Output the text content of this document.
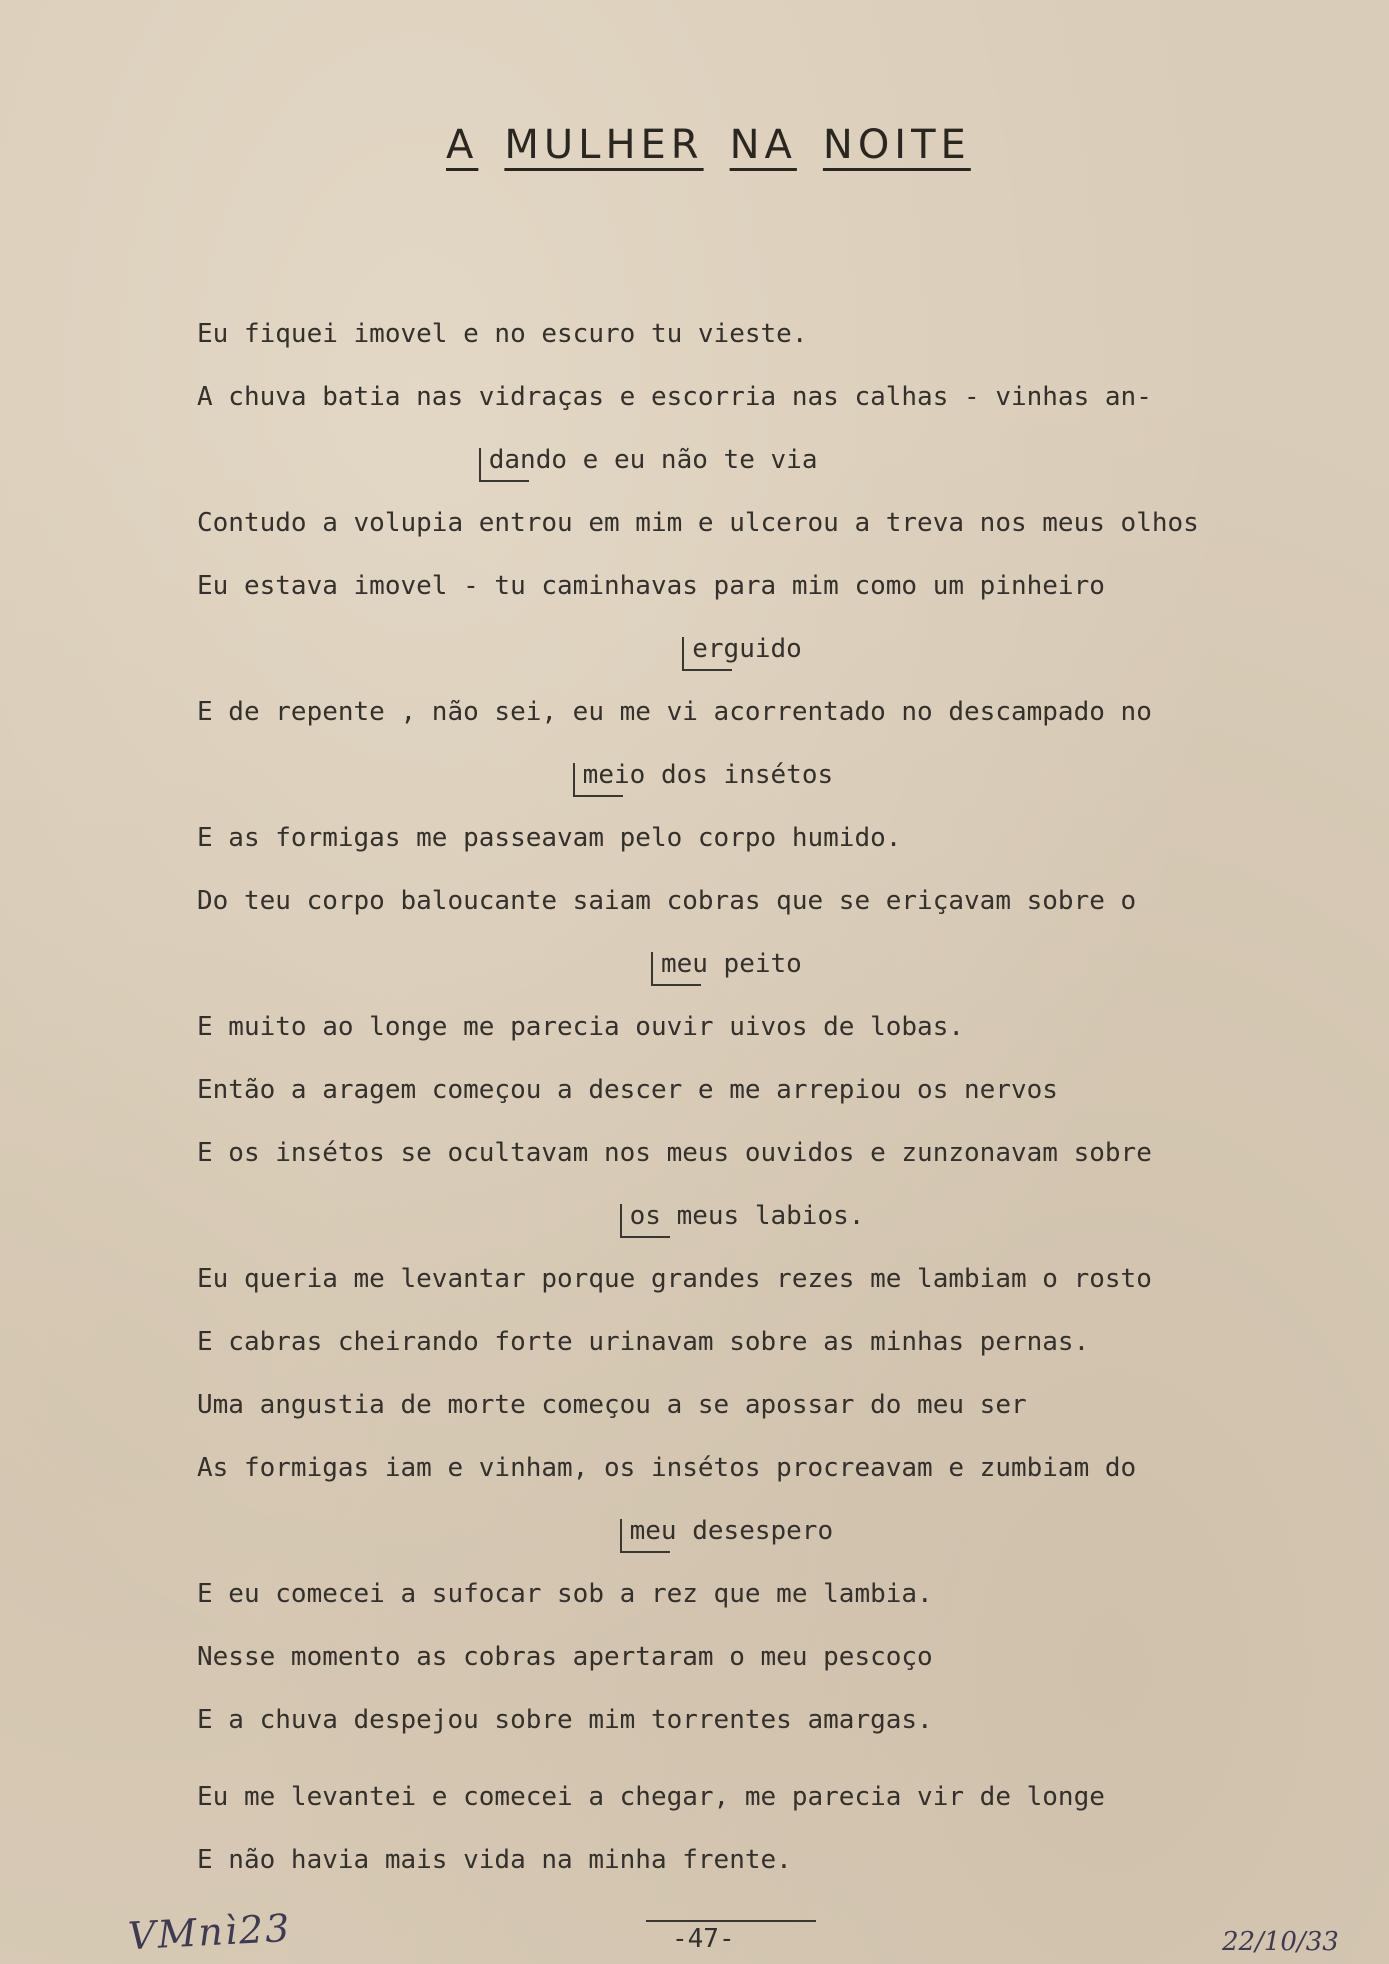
A MULHER NA NOITE
Eu fiquei imovel e no escuro tu vieste.
A chuva batia nas vidraças e escorria nas calhas - vinhas an-
dando e eu não te via
Contudo a volupia entrou em mim e ulcerou a treva nos meus olhos
Eu estava imovel - tu caminhavas para mim como um pinheiro
erguido
E de repente , não sei, eu me vi acorrentado no descampado no
meio dos insétos
E as formigas me passeavam pelo corpo humido.
Do teu corpo baloucante saiam cobras que se eriçavam sobre o
meu peito
E muito ao longe me parecia ouvir uivos de lobas.
Então a aragem começou a descer e me arrepiou os nervos
E os insétos se ocultavam nos meus ouvidos e zunzonavam sobre
os meus labios.
Eu queria me levantar porque grandes rezes me lambiam o rosto
E cabras cheirando forte urinavam sobre as minhas pernas.
Uma angustia de morte começou a se apossar do meu ser
As formigas iam e vinham, os insétos procreavam e zumbiam do
meu desespero
E eu comecei a sufocar sob a rez que me lambia.
Nesse momento as cobras apertaram o meu pescoço
E a chuva despejou sobre mim torrentes amargas.
Eu me levantei e comecei a chegar, me parecia vir de longe
E não havia mais vida na minha frente.
VMnì23	-47-	22/10/33
